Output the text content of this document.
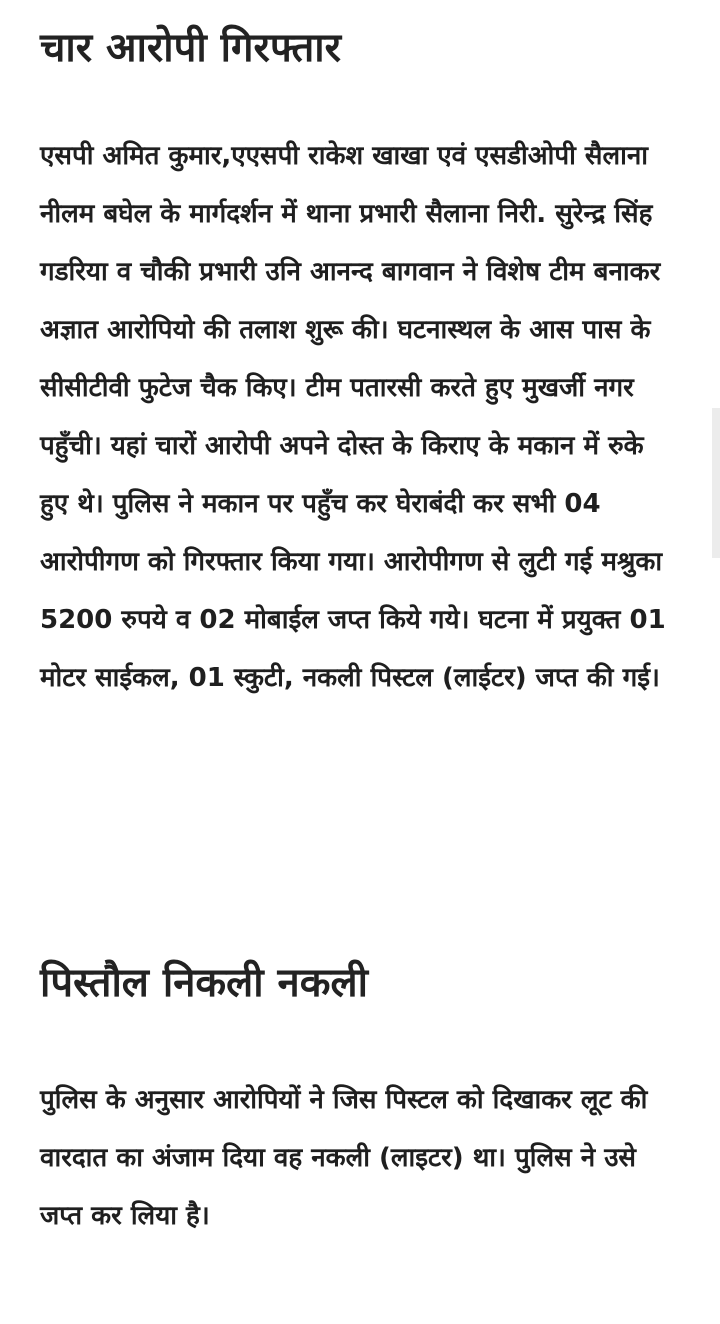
चार आरोपी गिरफ्तार

एसपी अमित कुमार,एएसपी राकेश खाखा एवं एसडीओपी सैलाना नीलम बघेल के मार्गदर्शन में थाना प्रभारी सैलाना निरी. सुरेन्द्र सिंह गडरिया व चौकी प्रभारी उनि आनन्द बागवान ने विशेष टीम बनाकर अज्ञात आरोपियो की तलाश शुरू की। घटनास्थल के आस पास के सीसीटीवी फुटेज चैक किए। टीम पतारसी करते हुए मुखर्जी नगर पहुँची। यहां चारों आरोपी अपने दोस्त के किराए के मकान में रुके हुए थे। पुलिस ने मकान पर पहुँच कर घेराबंदी कर सभी 04 आरोपीगण को गिरफ्तार किया गया। आरोपीगण से लुटी गई मश्रुका 5200 रुपये व 02 मोबाईल जप्त किये गये। घटना में प्रयुक्त 01 मोटर साईकल, 01 स्कुटी, नकली पिस्टल (लाईटर) जप्त की गई।

पिस्तौल निकली नकली

पुलिस के अनुसार आरोपियों ने जिस पिस्टल को दिखाकर लूट की वारदात का अंजाम दिया वह नकली (लाइटर) था। पुलिस ने उसे जप्त कर लिया है।
